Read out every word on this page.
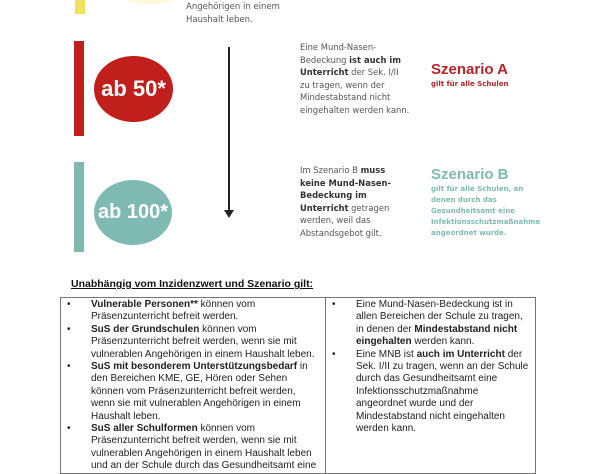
Angehörigen in einem
Haushalt leben.
ab 50*
ab 100*
Eine Mund-Nasen-Bedeckung ist auch im Unterricht der Sek. I/II zu tragen, wenn der Mindestabstand nicht eingehalten werden kann.
Im Szenario B muss keine Mund-Nasen-Bedeckung im Unterricht getragen werden, weil das Abstandsgebot gilt.
Szenario A
gilt für alle Schulen
Szenario B
gilt für alle Schulen, an denen durch das Gesundheitsamt eine Infektionsschutzmaßnahme angeordnet wurde.
Unabhängig vom Inzidenzwert und Szenario gilt:
• Vulnerable Personen** können vom Präsenzunterricht befreit werden.
• SuS der Grundschulen können vom Präsenzunterricht befreit werden, wenn sie mit vulnerablen Angehörigen in einem Haushalt leben.
• SuS mit besonderem Unterstützungsbedarf in den Bereichen KME, GE, Hören oder Sehen können vom Präsenzunterricht befreit werden, wenn sie mit vulnerablen Angehörigen in einem Haushalt leben.
• SuS aller Schulformen können vom Präsenzunterricht befreit werden, wenn sie mit vulnerablen Angehörigen in einem Haushalt leben und an der Schule durch das Gesundheitsamt eine

• Eine Mund-Nasen-Bedeckung ist in allen Bereichen der Schule zu tragen, in denen der Mindestabstand nicht eingehalten werden kann.
• Eine MNB ist auch im Unterricht der Sek. I/II zu tragen, wenn an der Schule durch das Gesundheitsamt eine Infektionsschutzmaßnahme angeordnet wurde und der Mindestabstand nicht eingehalten werden kann.
